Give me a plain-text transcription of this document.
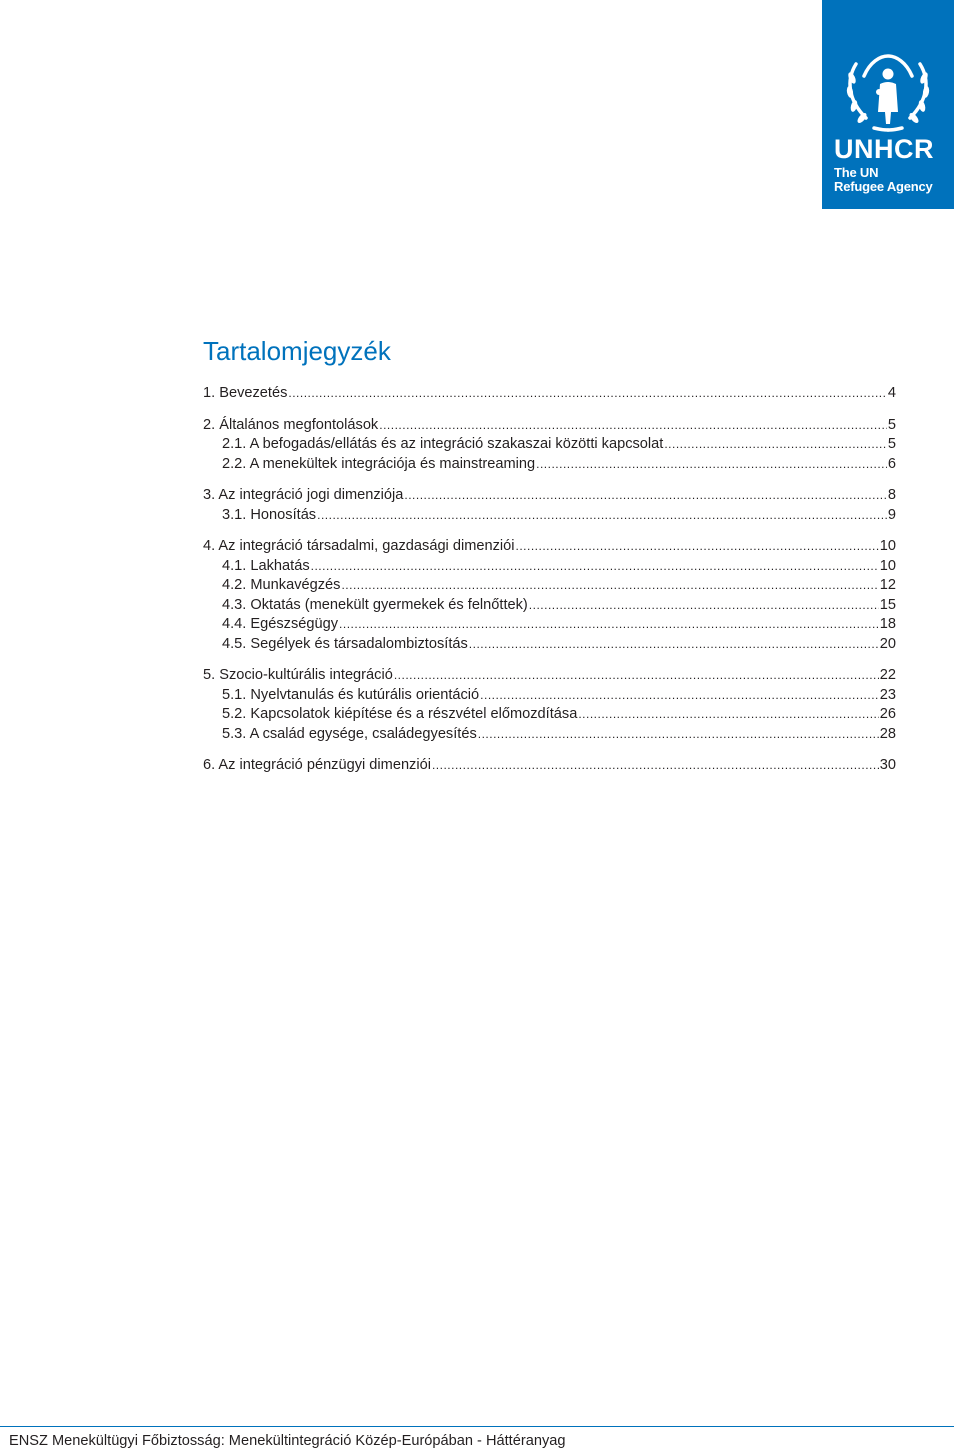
UNHCR
The UN
Refugee Agency
Tartalomjegyzék
1. Bevezetés .....	4
2. Általános megfontolások .....	5
2.1. A befogadás/ellátás és az integráció szakaszai közötti kapcsolat .....	5
2.2. A menekültek integrációja és mainstreaming .....	6
3. Az integráció jogi dimenziója .....	8
3.1. Honosítás .....	9
4. Az integráció társadalmi, gazdasági dimenziói .....	10
4.1. Lakhatás .....	10
4.2. Munkavégzés .....	12
4.3. Oktatás (menekült gyermekek és felnőttek) .....	15
4.4. Egészségügy .....	18
4.5. Segélyek és társadalombiztosítás .....	20
5. Szocio-kultúrális integráció .....	22
5.1. Nyelvtanulás és kutúrális orientáció .....	23
5.2. Kapcsolatok kiépítése és a részvétel előmozdítása .....	26
5.3. A család egysége, családegyesítés .....	28
6. Az integráció pénzügyi dimenziói .....	30
ENSZ Menekültügyi Főbiztosság: Menekültintegráció Közép-Európában - Háttéranyag
